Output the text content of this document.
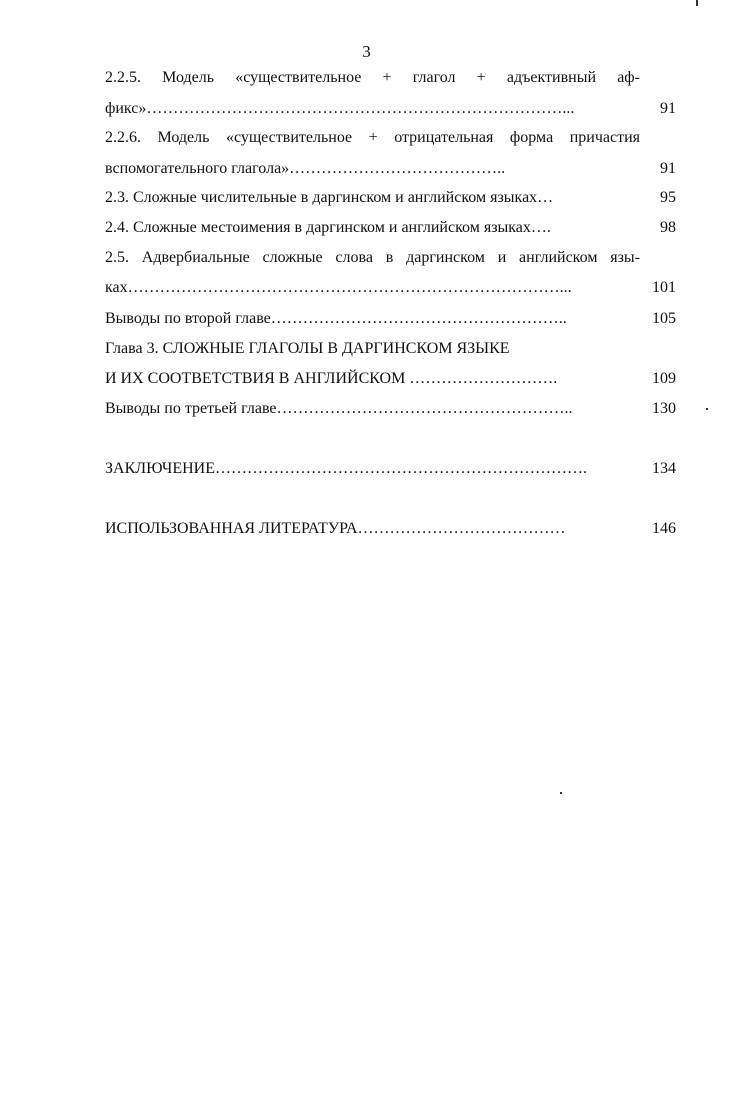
3
2.2.5. Модель «существительное + глагол + адъективный аф-
фикс»……………………………………………………………………...	91
2.2.6. Модель «существительное + отрицательная форма причастия
вспомогательного глагола»…………………………………..	91
2.3. Сложные числительные в даргинском и английском языках…	95
2.4. Сложные местоимения в даргинском и английском языках….	98
2.5. Адвербиальные сложные слова в даргинском и английском язы-
ках………………………………………………………………………...	101
Выводы по второй главе………………………………………………..	105
Глава 3. СЛОЖНЫЕ ГЛАГОЛЫ В ДАРГИНСКОМ ЯЗЫКЕ
И ИХ СООТВЕТСТВИЯ В АНГЛИЙСКОМ ……………………….	109
Выводы по третьей главе………………………………………………..	130
ЗАКЛЮЧЕНИЕ…………………………………………………………….	134
ИСПОЛЬЗОВАННАЯ ЛИТЕРАТУРА…………………………………	146
